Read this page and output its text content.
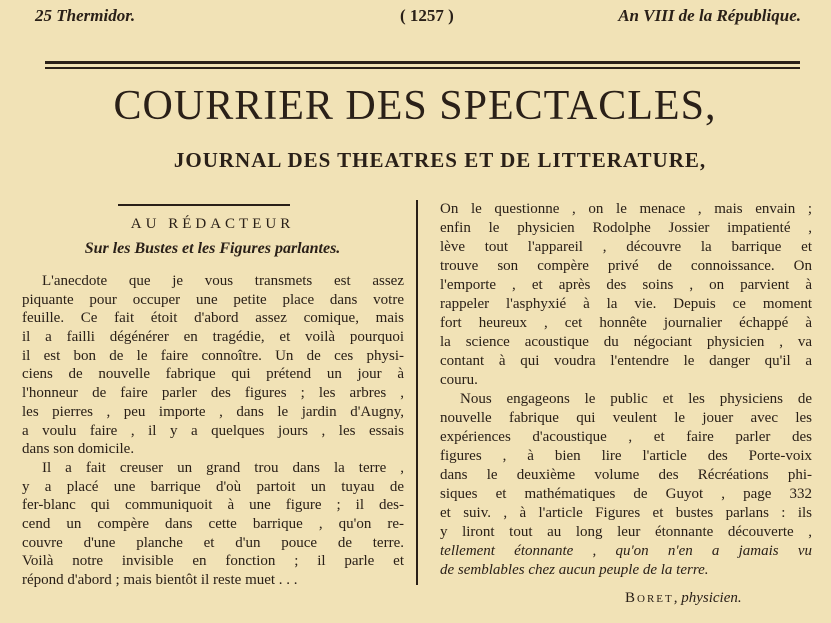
25 Thermidor.	( 1257 )	An VIII de la République.
COURRIER DES SPECTACLES,
JOURNAL DES THEATRES ET DE LITTERATURE,
AU RÉDACTEUR
Sur les Bustes et les Figures parlantes.
L'anecdote que je vous transmets est assez
piquante pour occuper une petite place dans votre
feuille. Ce fait étoit d'abord assez comique, mais
il a failli dégénérer en tragédie, et voilà pourquoi
il est bon de le faire connoître. Un de ces physi-
ciens de nouvelle fabrique qui prétend un jour à
l'honneur de faire parler des figures ; les arbres ,
les pierres , peu importe , dans le jardin d'Augny,
a voulu faire , il y a quelques jours , les essais
dans son domicile.
Il a fait creuser un grand trou dans la terre ,
y a placé une barrique d'où partoit un tuyau de
fer-blanc qui communiquoit à une figure ; il des-
cend un compère dans cette barrique , qu'on re-
couvre d'une planche et d'un pouce de terre.
Voilà notre invisible en fonction ; il parle et
répond d'abord ; mais bientôt il reste muet . . .
On le questionne , on le menace , mais envain ;
enfin le physicien Rodolphe Jossier impatienté ,
lève tout l'appareil , découvre la barrique et
trouve son compère privé de connoissance. On
l'emporte , et après des soins , on parvient à
rappeler l'asphyxié à la vie. Depuis ce moment
fort heureux , cet honnête journalier échappé à
la science acoustique du négociant physicien , va
contant à qui voudra l'entendre le danger qu'il a
couru.
Nous engageons le public et les physiciens de
nouvelle fabrique qui veulent le jouer avec les
expériences d'acoustique , et faire parler des
figures , à bien lire l'article des Porte-voix
dans le deuxième volume des Récréations phi-
siques et mathématiques de Guyot , page 332
et suiv. , à l'article Figures et bustes parlans : ils
y liront tout au long leur étonnante découverte ,
tellement étonnante , qu'on n'en a jamais vu
de semblables chez aucun peuple de la terre.
Boret, physicien.
